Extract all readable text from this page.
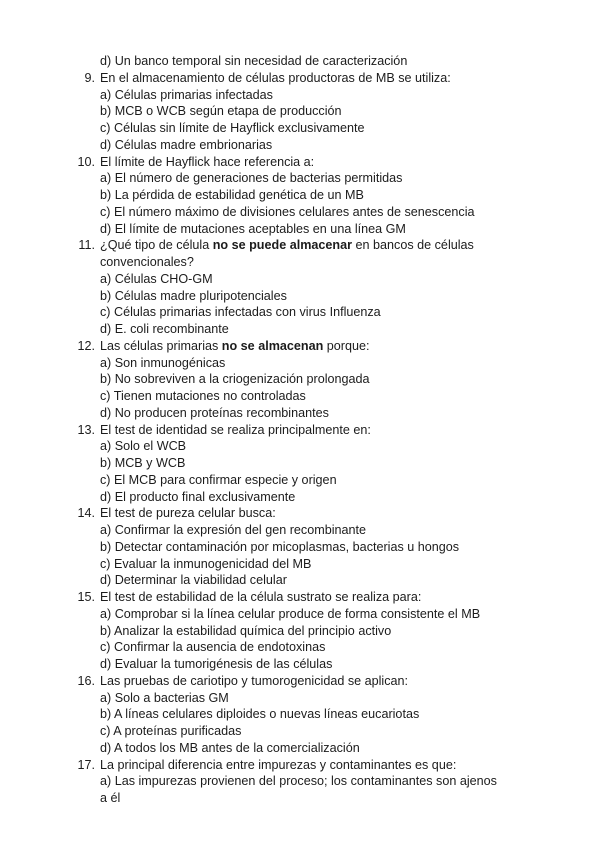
d) Un banco temporal sin necesidad de caracterización
9. En el almacenamiento de células productoras de MB se utiliza:
a) Células primarias infectadas
b) MCB o WCB según etapa de producción
c) Células sin límite de Hayflick exclusivamente
d) Células madre embrionarias
10. El límite de Hayflick hace referencia a:
a) El número de generaciones de bacterias permitidas
b) La pérdida de estabilidad genética de un MB
c) El número máximo de divisiones celulares antes de senescencia
d) El límite de mutaciones aceptables en una línea GM
11. ¿Qué tipo de célula no se puede almacenar en bancos de células
convencionales?
a) Células CHO-GM
b) Células madre pluripotenciales
c) Células primarias infectadas con virus Influenza
d) E. coli recombinante
12. Las células primarias no se almacenan porque:
a) Son inmunogénicas
b) No sobreviven a la criogenización prolongada
c) Tienen mutaciones no controladas
d) No producen proteínas recombinantes
13. El test de identidad se realiza principalmente en:
a) Solo el WCB
b) MCB y WCB
c) El MCB para confirmar especie y origen
d) El producto final exclusivamente
14. El test de pureza celular busca:
a) Confirmar la expresión del gen recombinante
b) Detectar contaminación por micoplasmas, bacterias u hongos
c) Evaluar la inmunogenicidad del MB
d) Determinar la viabilidad celular
15. El test de estabilidad de la célula sustrato se realiza para:
a) Comprobar si la línea celular produce de forma consistente el MB
b) Analizar la estabilidad química del principio activo
c) Confirmar la ausencia de endotoxinas
d) Evaluar la tumorigénesis de las células
16. Las pruebas de cariotipo y tumorogenicidad se aplican:
a) Solo a bacterias GM
b) A líneas celulares diploides o nuevas líneas eucariotas
c) A proteínas purificadas
d) A todos los MB antes de la comercialización
17. La principal diferencia entre impurezas y contaminantes es que:
a) Las impurezas provienen del proceso; los contaminantes son ajenos
a él
